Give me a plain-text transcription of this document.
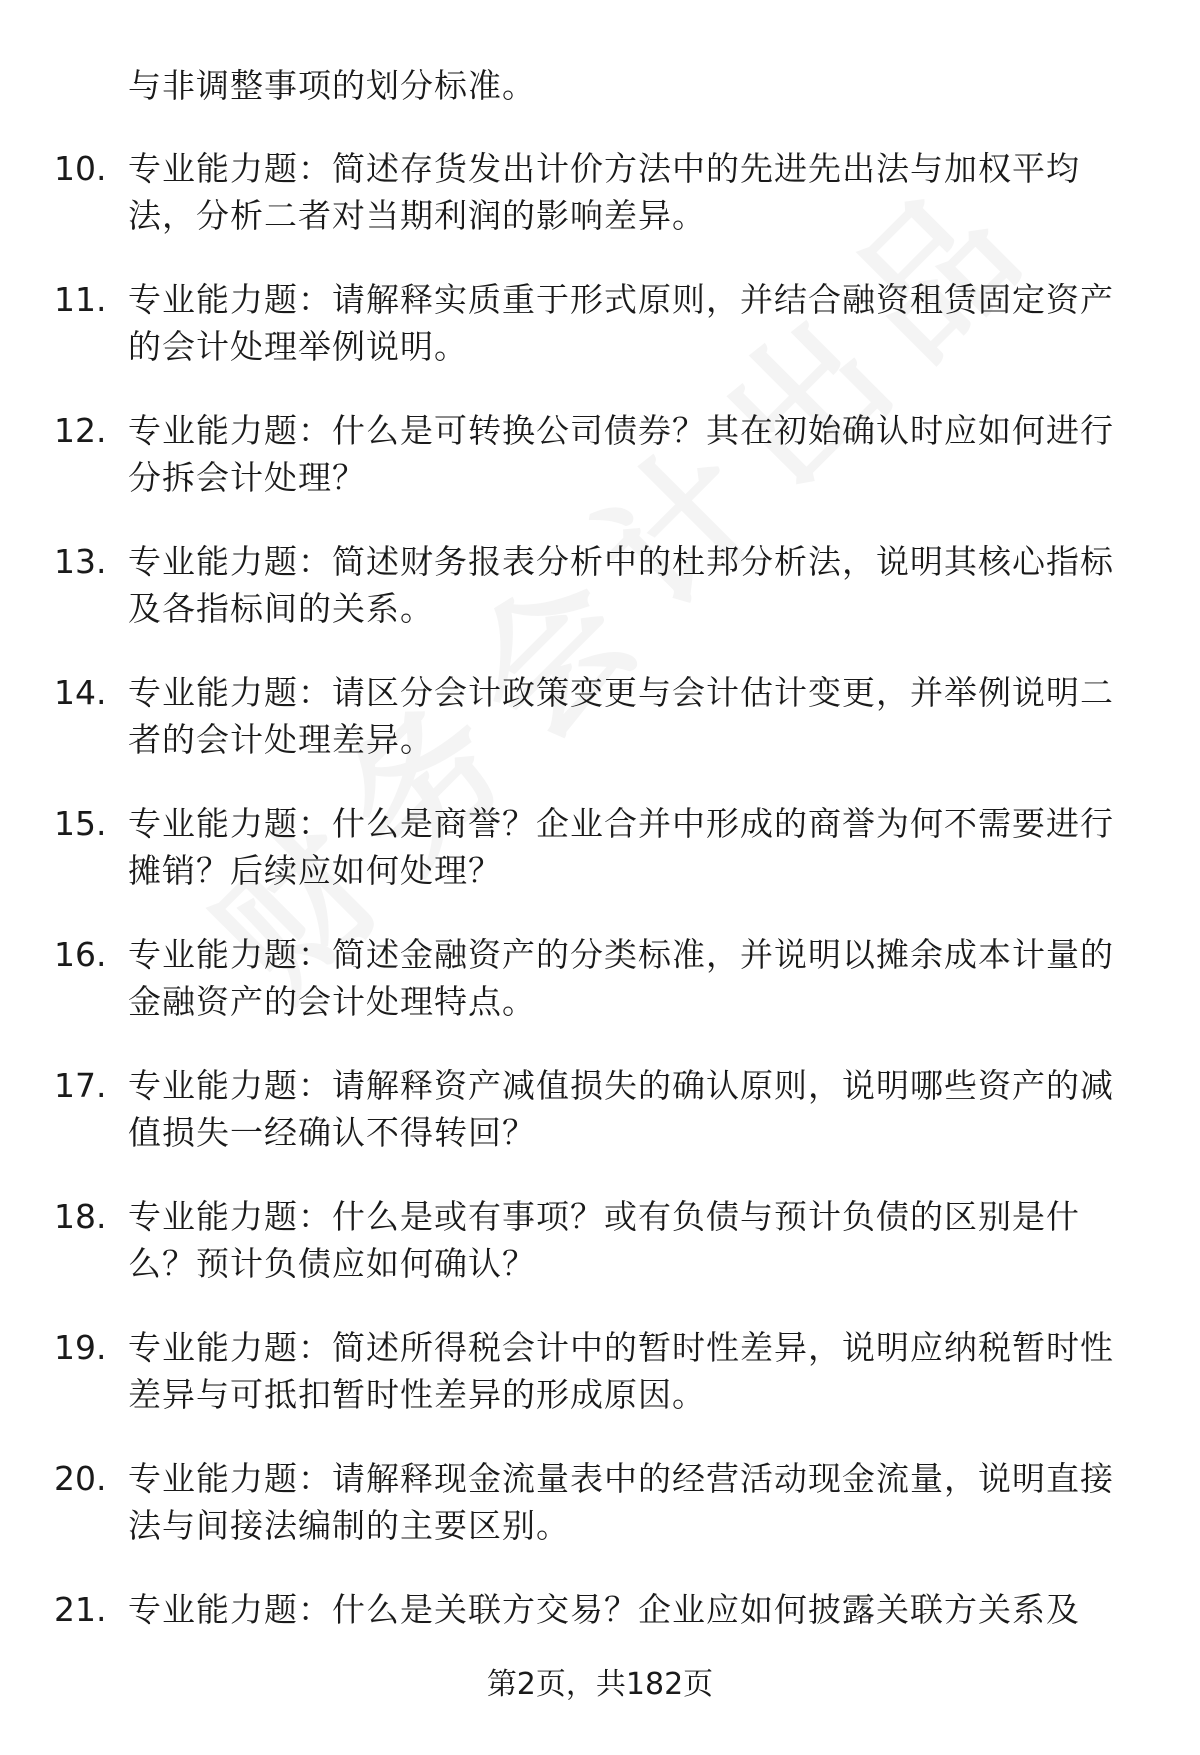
与非调整事项的划分标准。
10. 专业能力题：简述存货发出计价方法中的先进先出法与加权平均法，分析二者对当期利润的影响差异。
11. 专业能力题：请解释实质重于形式原则，并结合融资租赁固定资产的会计处理举例说明。
12. 专业能力题：什么是可转换公司债券？其在初始确认时应如何进行分拆会计处理？
13. 专业能力题：简述财务报表分析中的杜邦分析法，说明其核心指标及各指标间的关系。
14. 专业能力题：请区分会计政策变更与会计估计变更，并举例说明二者的会计处理差异。
15. 专业能力题：什么是商誉？企业合并中形成的商誉为何不需要进行摊销？后续应如何处理？
16. 专业能力题：简述金融资产的分类标准，并说明以摊余成本计量的金融资产的会计处理特点。
17. 专业能力题：请解释资产减值损失的确认原则，说明哪些资产的减值损失一经确认不得转回？
18. 专业能力题：什么是或有事项？或有负债与预计负债的区别是什么？预计负债应如何确认？
19. 专业能力题：简述所得税会计中的暂时性差异，说明应纳税暂时性差异与可抵扣暂时性差异的形成原因。
20. 专业能力题：请解释现金流量表中的经营活动现金流量，说明直接法与间接法编制的主要区别。
21. 专业能力题：什么是关联方交易？企业应如何披露关联方关系及
第2页，共182页
